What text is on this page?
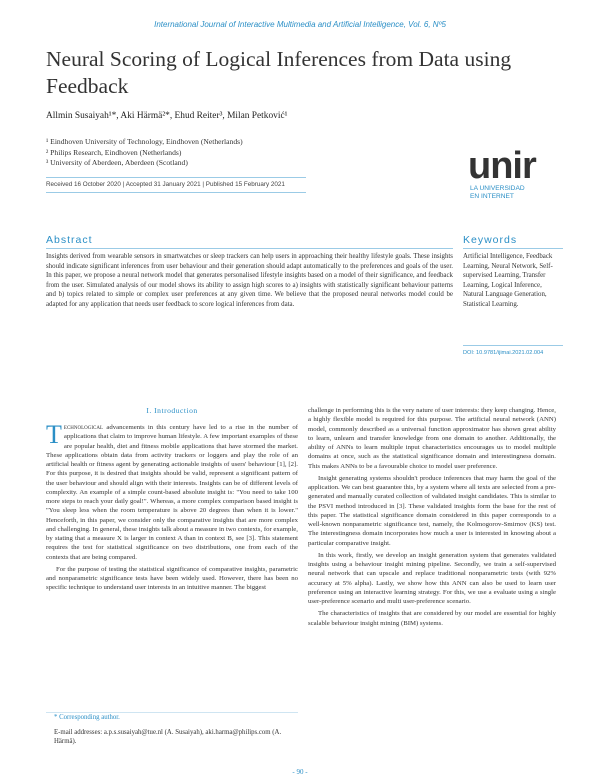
International Journal of Interactive Multimedia and Artificial Intelligence, Vol. 6, Nº5
Neural Scoring of Logical Inferences from Data using Feedback
Allmin Susaiyah¹*, Aki Härmä²*, Ehud Reiter³, Milan Petković¹
¹ Eindhoven University of Technology, Eindhoven (Netherlands)
² Philips Research, Eindhoven (Netherlands)
³ University of Aberdeen, Aberdeen (Scotland)
Received 16 October 2020 | Accepted 31 January 2021 | Published 15 February 2021	unir
LA UNIVERSIDAD
EN INTERNET
Abstract
Insights derived from wearable sensors in smartwatches or sleep trackers can help users in approaching their healthy lifestyle goals. These insights should indicate significant inferences from user behaviour and their generation should adapt automatically to the preferences and goals of the user. In this paper, we propose a neural network model that generates personalised lifestyle insights based on a model of their significance, and feedback from the user. Simulated analysis of our model shows its ability to assign high scores to a) insights with statistically significant behaviour patterns and b) topics related to simple or complex user preferences at any given time. We believe that the proposed neural networks model could be adapted for any application that needs user feedback to score logical inferences from data.
Keywords
Artificial Intelligence, Feedback Learning, Neural Network, Self-supervised Learning, Transfer Learning, Logical Inference, Natural Language Generation, Statistical Learning.
DOI: 10.9781/ijimai.2021.02.004
I. Introduction

Technological advancements in this century have led to a rise in the number of applications that claim to improve human lifestyle. A few important examples of these are popular health, diet and fitness mobile applications that have stormed the market. These applications obtain data from activity trackers or loggers and play the role of an artificial health or fitness agent by generating actionable insights of users' behaviour [1], [2]. For this purpose, it is desired that insights should be valid, represent a significant pattern of the user behaviour and should align with their interests. Insights can be of different levels of complexity. An example of a simple count-based absolute insight is: "You need to take 100 more steps to reach your daily goal!". Whereas, a more complex comparison based insight is "You sleep less when the room temperature is above 20 degrees than when it is lower." Henceforth, in this paper, we consider only the comparative insights that are more complex and challenging. In general, these insights talk about a measure in two contexts, for example, by stating that a measure X is larger in context A than in context B, see [3]. This statement requires the test for statistical significance on two distributions, one from each of the contexts that are being compared.

For the purpose of testing the statistical significance of comparative insights, parametric and nonparametric significance tests have been widely used. However, there has been no specific technique to understand user interests in an intuitive manner. The biggest

* Corresponding author.
E-mail addresses: a.p.s.susaiyah@tue.nl (A. Susaiyah), aki.harma@philips.com (A. Härmä).

challenge in performing this is the very nature of user interests: they keep changing. Hence, a highly flexible model is required for this purpose. The artificial neural network (ANN) model, commonly described as a universal function approximator has shown great ability to learn, unlearn and transfer knowledge from one domain to another. Additionally, the ability of ANNs to learn multiple input characteristics encourages us to model multiple domains at once, such as the statistical significance domain and interestingness domain. This makes ANNs to be a favourable choice to model user preference.

Insight generating systems shouldn't produce inferences that may harm the goal of the application. We can best guarantee this, by a system where all texts are selected from a pre-generated and manually curated collection of validated insight candidates. This is similar to the PSVI method introduced in [3]. These validated insights form the base for the rest of this paper. The statistical significance domain considered in this paper corresponds to a well-known nonparametric significance test, namely, the Kolmogorov-Smirnov (KS) test. The interestingness domain incorporates how much a user is interested in knowing about a particular comparative insight.

In this work, firstly, we develop an insight generation system that generates validated insights using a behaviour insight mining pipeline. Secondly, we train a self-supervised neural network that can upscale and replace traditional nonparametric tests (with 92% accuracy at 5% alpha). Lastly, we show how this ANN can also be used to learn user preference using an interactive learning strategy. For this, we use a evaluate using a single user-preference scenario and multi user-preference scenario.

The characteristics of insights that are considered by our model are essential for highly scalable behaviour insight mining (BIM) systems.

- 90 -
